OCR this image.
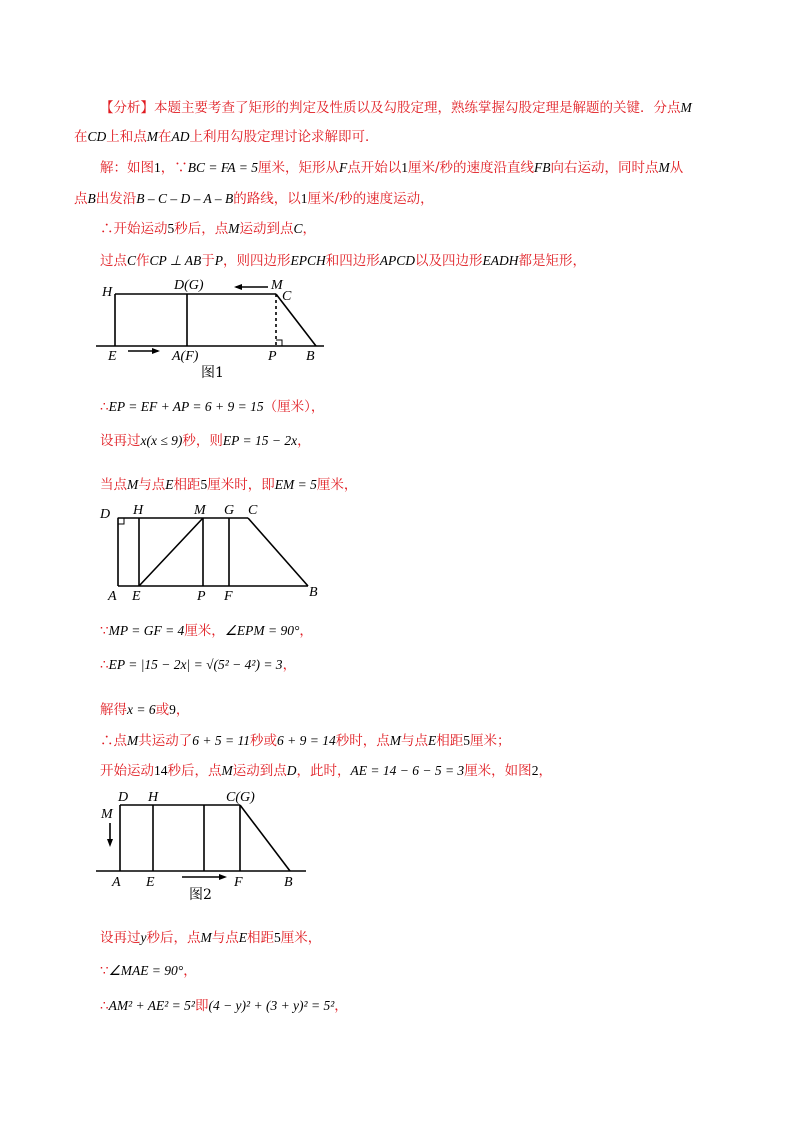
【分析】本题主要考查了矩形的判定及性质以及勾股定理，熟练掌握勾股定理是解题的关键．分点M
在CD上和点M在AD上利用勾股定理讨论求解即可．
解：如图1，∵BC = FA = 5厘米，矩形从F点开始以1厘米/秒的速度沿直线FB向右运动，同时点M从
点B出发沿B – C – D – A – B的路线，以1厘米/秒的速度运动，
∴开始运动5秒后，点M运动到点C，
过点C作CP ⊥ AB于P，则四边形EPCH和四边形APCD以及四边形EADH都是矩形，
H	D(G)	M
C
E	A(F)	P B
图1
∴EP = EF + AP = 6 + 9 = 15（厘米），
设再过x(x ≤ 9)秒，则EP = 15 − 2x，
当点M与点E相距5厘米时，即EM = 5厘米，
D H	M G C
A E	P F	B
∵MP = GF = 4厘米，∠EPM = 90°，
∴EP = |15 − 2x| = √(5² − 4²) = 3，
解得x = 6或9，
∴点M共运动了6 + 5 = 11秒或6 + 9 = 14秒时，点M与点E相距5厘米；
开始运动14秒后，点M运动到点D，此时，AE = 14 − 6 − 5 = 3厘米，如图2，
M
D H	C(G)
A E	F	B
图2
设再过y秒后，点M与点E相距5厘米，
∵∠MAE = 90°，
∴AM² + AE² = 5²即(4 − y)² + (3 + y)² = 5²，
